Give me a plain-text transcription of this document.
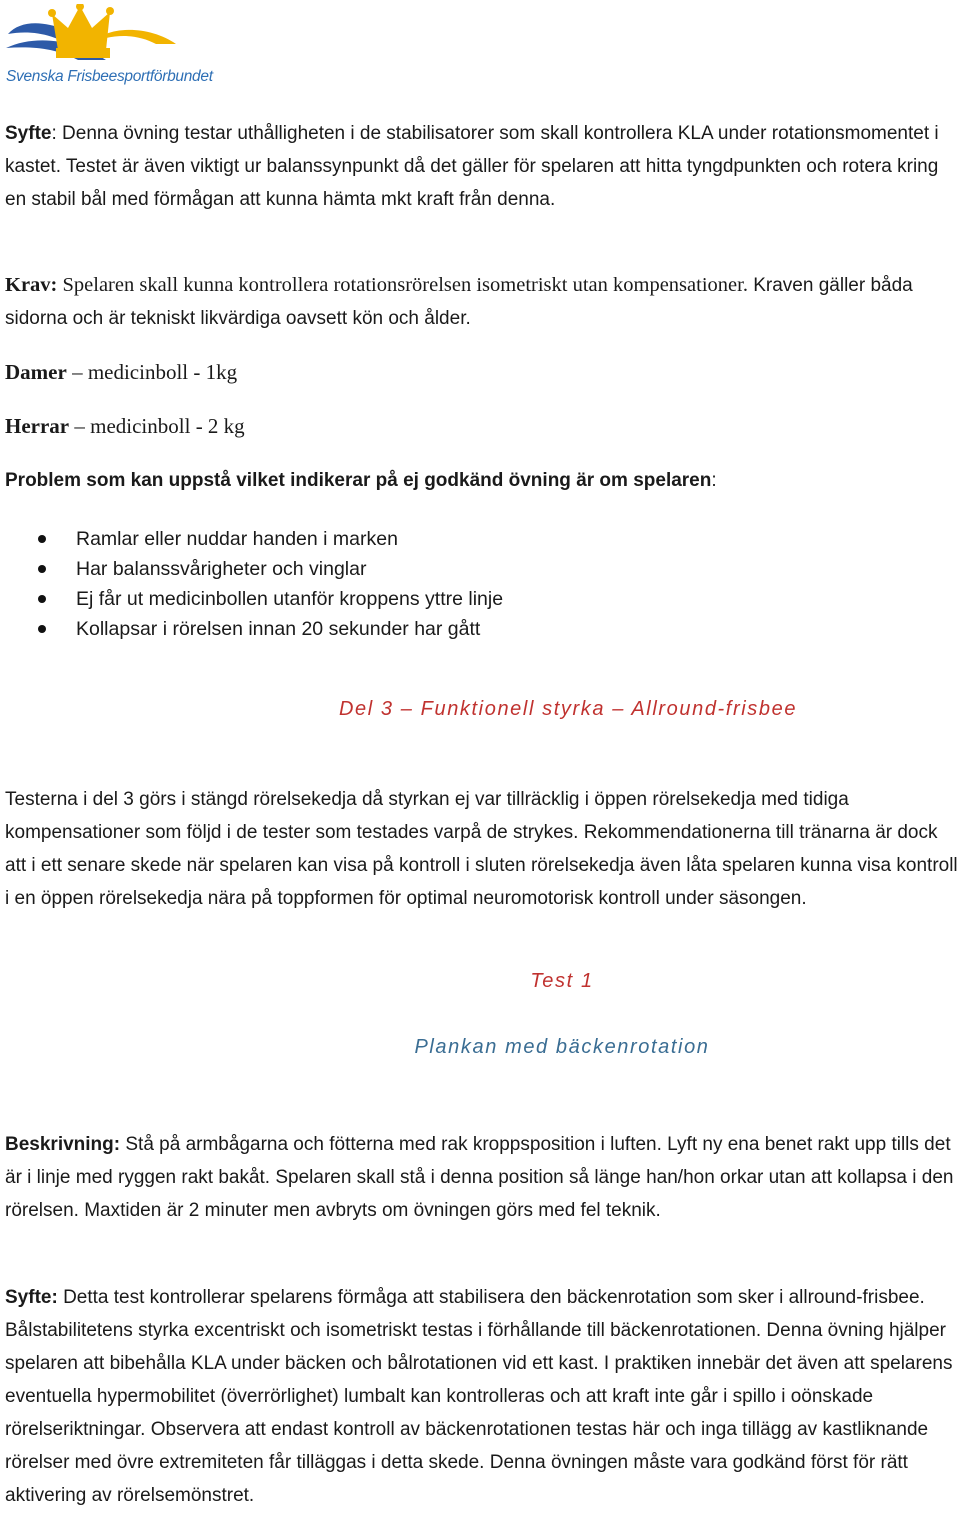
Svenska Frisbeesportförbundet

Syfte: Denna övning testar uthålligheten i de stabilisatorer som skall kontrollera KLA under rotationsmomentet i kastet. Testet är även viktigt ur balanssynpunkt då det gäller för spelaren att hitta tyngdpunkten och rotera kring en stabil bål med förmågan att kunna hämta mkt kraft från denna.

Krav: Spelaren skall kunna kontrollera rotationsrörelsen isometriskt utan kompensationer. Kraven gäller båda sidorna och är tekniskt likvärdiga oavsett kön och ålder.

Damer – medicinboll - 1kg

Herrar – medicinboll - 2 kg

Problem som kan uppstå vilket indikerar på ej godkänd övning är om spelaren:

Ramlar eller nuddar handen i marken
Har balanssvårigheter och vinglar
Ej får ut medicinbollen utanför kroppens yttre linje
Kollapsar i rörelsen innan 20 sekunder har gått
Del 3 – Funktionell styrka – Allround-frisbee

Testerna i del 3 görs i stängd rörelsekedja då styrkan ej var tillräcklig i öppen rörelsekedja med tidiga kompensationer som följd i de tester som testades varpå de strykes. Rekommendationerna till tränarna är dock att i ett senare skede när spelaren kan visa på kontroll i sluten rörelsekedja även låta spelaren kunna visa kontroll i en öppen rörelsekedja nära på toppformen för optimal neuromotorisk kontroll under säsongen.

Test 1
Plankan med bäckenrotation

Beskrivning: Stå på armbågarna och fötterna med rak kroppsposition i luften. Lyft ny ena benet rakt upp tills det är i linje med ryggen rakt bakåt. Spelaren skall stå i denna position så länge han/hon orkar utan att kollapsa i den rörelsen. Maxtiden är 2 minuter men avbryts om övningen görs med fel teknik.

Syfte: Detta test kontrollerar spelarens förmåga att stabilisera den bäckenrotation som sker i allround-frisbee. Bålstabilitetens styrka excentriskt och isometriskt testas i förhållande till bäckenrotationen. Denna övning hjälper spelaren att bibehålla KLA under bäcken och bålrotationen vid ett kast. I praktiken innebär det även att spelarens eventuella hypermobilitet (överrörlighet) lumbalt kan kontrolleras och att kraft inte går i spillo i oönskade rörelseriktningar. Observera att endast kontroll av bäckenrotationen testas här och inga tillägg av kastliknande rörelser med övre extremiteten får tilläggas i detta skede. Denna övningen måste vara godkänd först för rätt aktivering av rörelsemönstret.
